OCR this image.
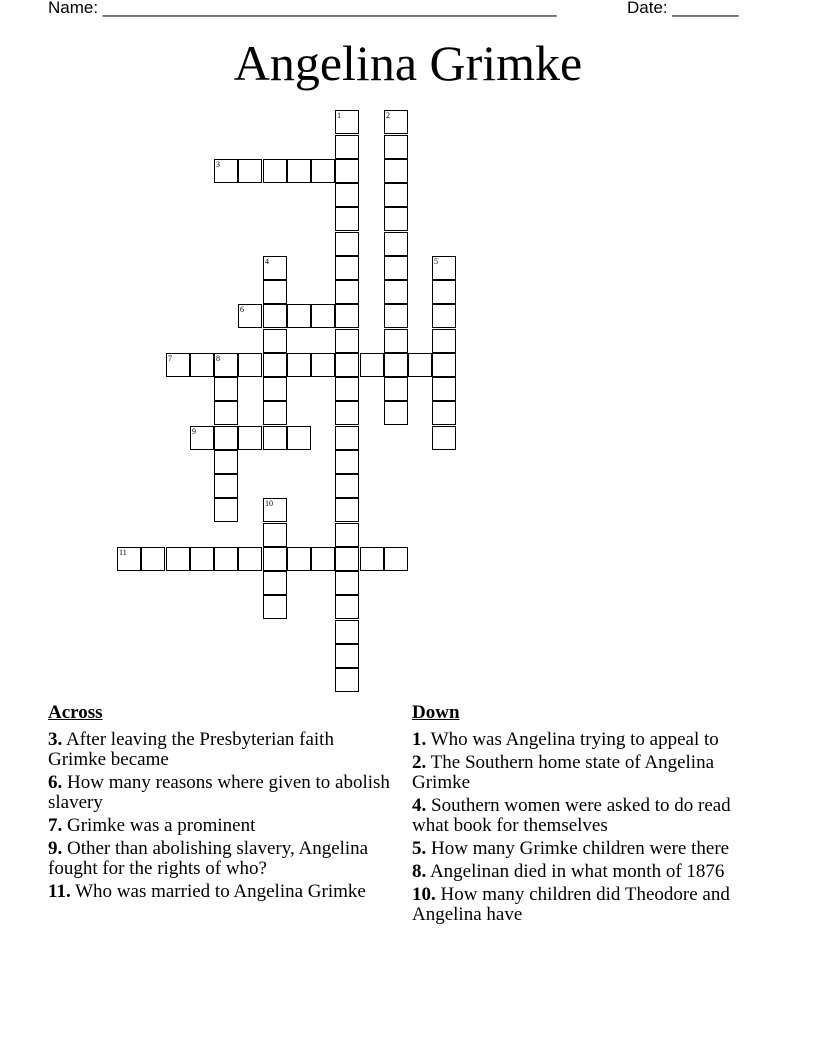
Name: ________________________________________________	Date: _______
Angelina Grimke
1	2
3
4	5
6
7	8
9
10
11
Across
3. After leaving the Presbyterian faith Grimke became
6. How many reasons where given to abolish slavery
7. Grimke was a prominent
9. Other than abolishing slavery, Angelina fought for the rights of who?
11. Who was married to Angelina Grimke
Down
1. Who was Angelina trying to appeal to
2. The Southern home state of Angelina Grimke
4. Southern women were asked to do read what book for themselves
5. How many Grimke children were there
8. Angelinan died in what month of 1876
10. How many children did Theodore and Angelina have
